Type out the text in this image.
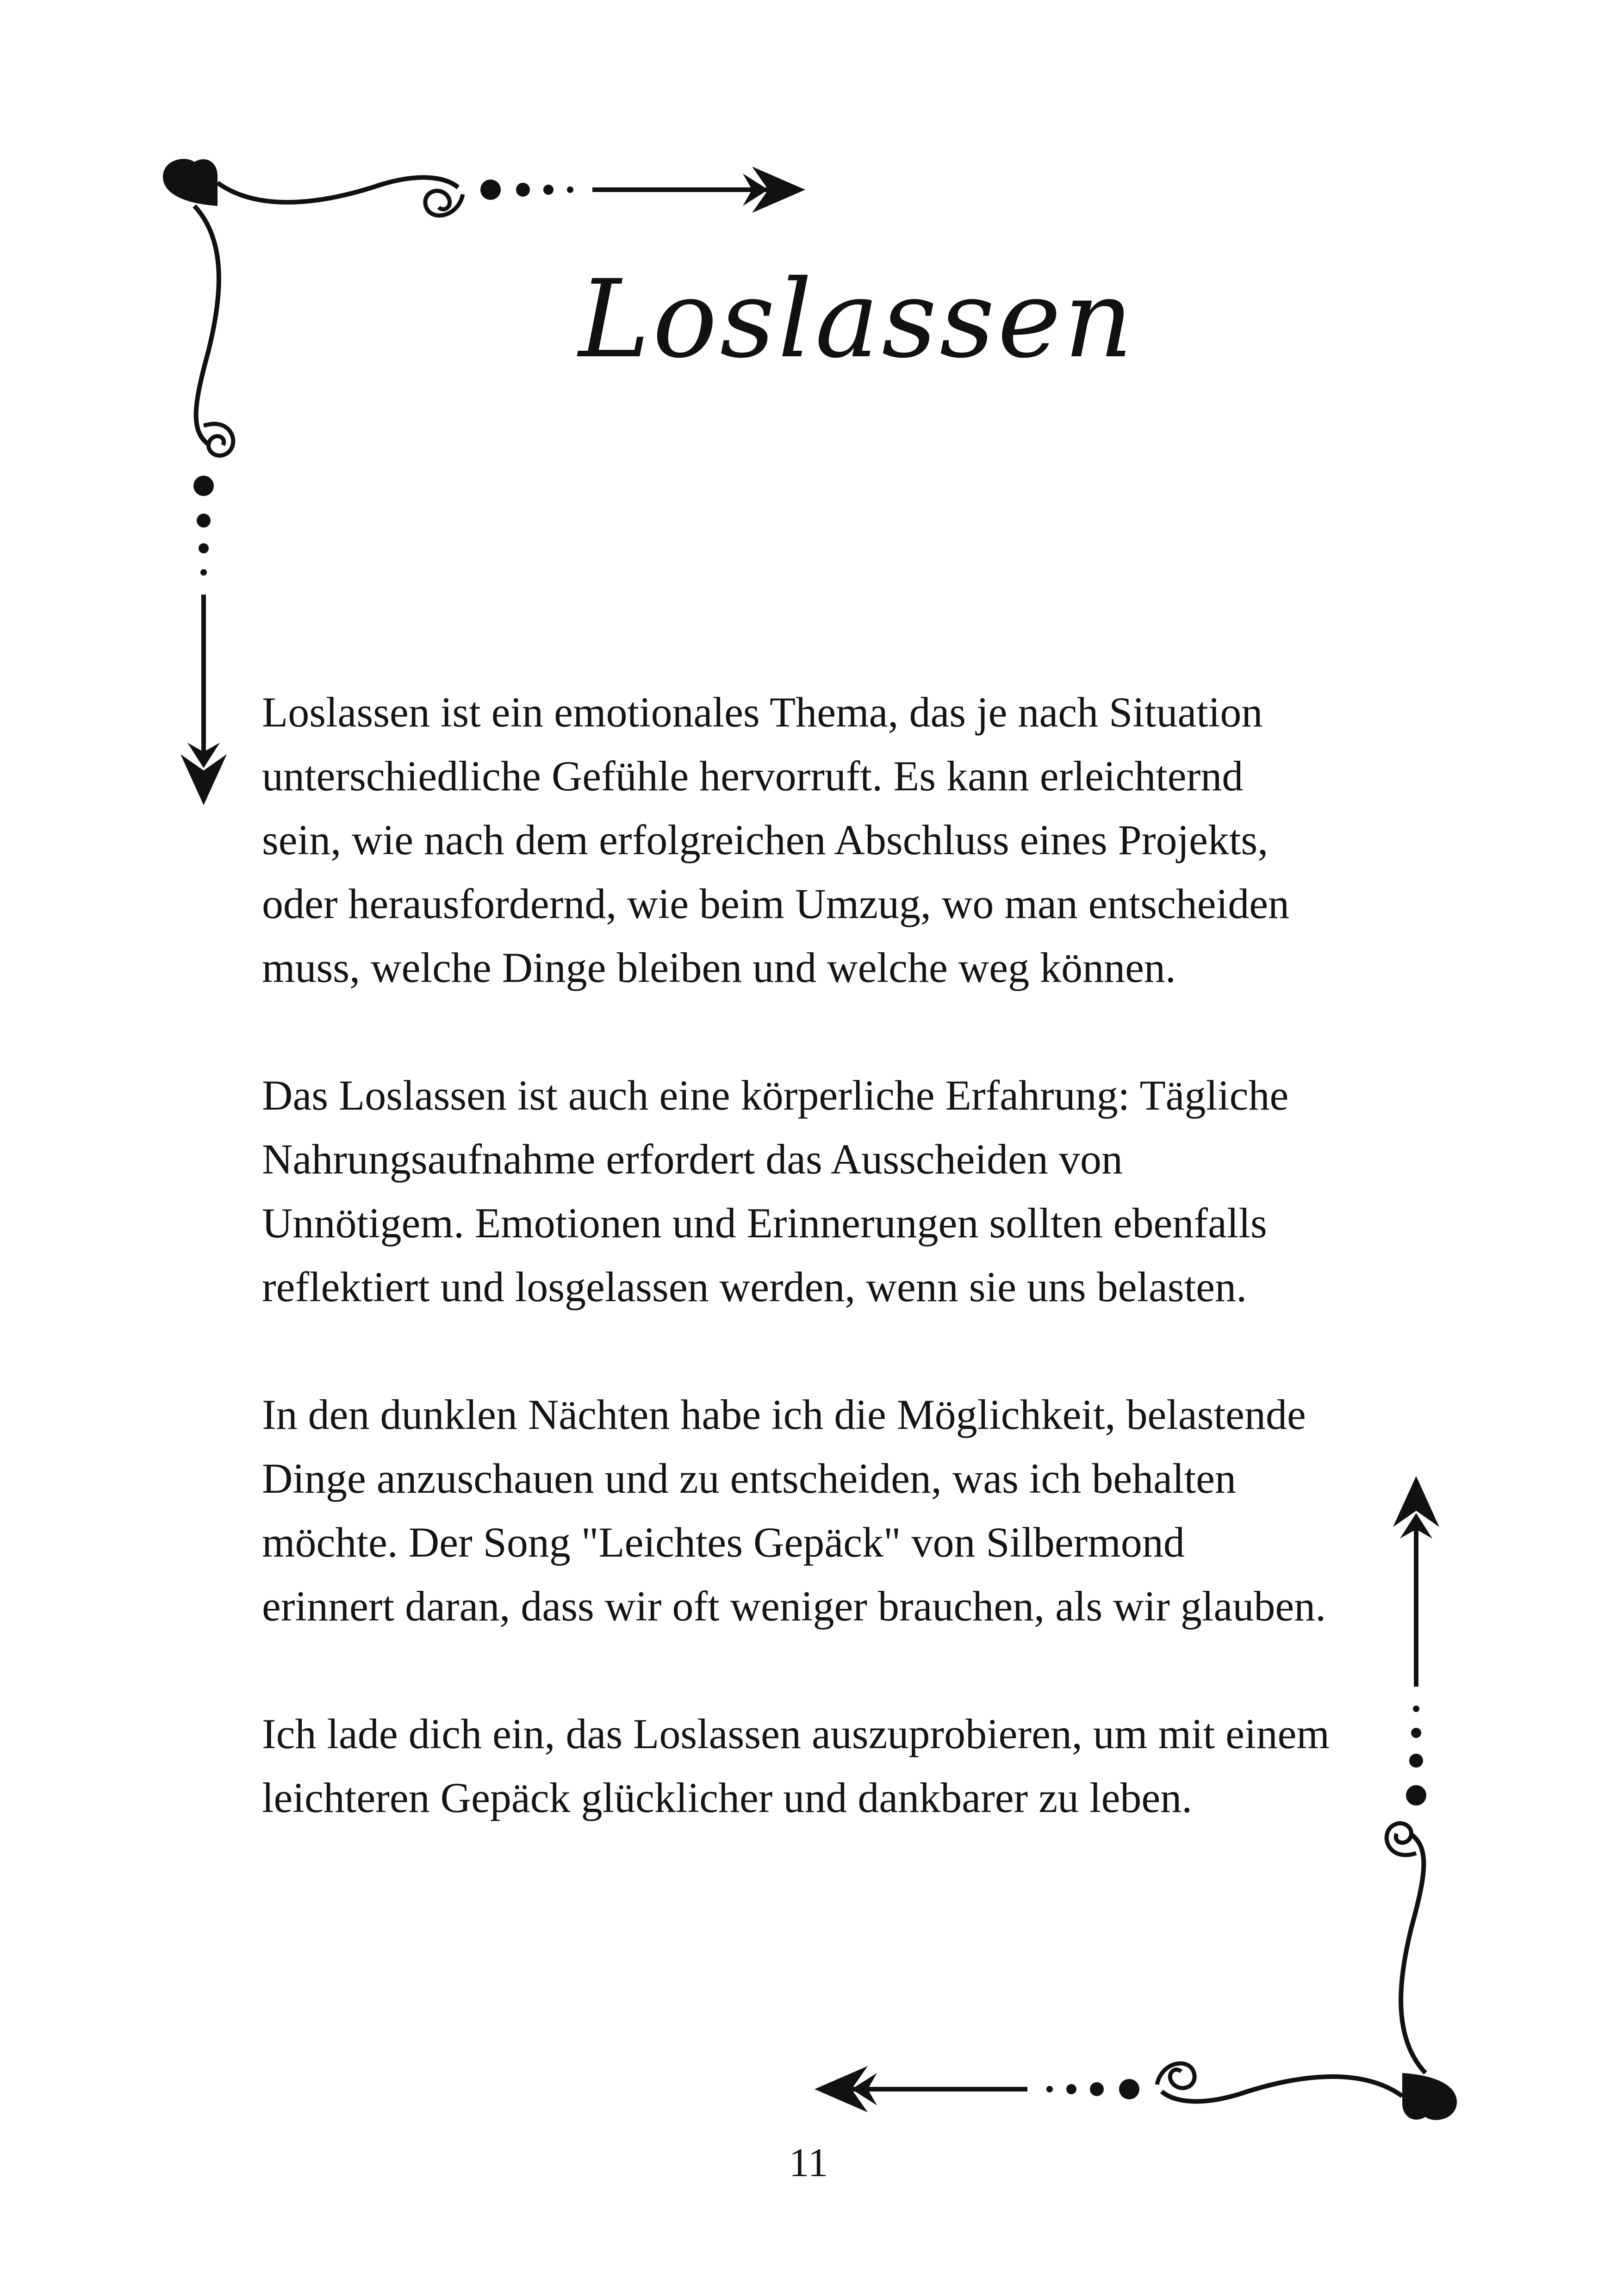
Loslassen

Loslassen ist ein emotionales Thema, das je nach Situation
unterschiedliche Gefühle hervorruft. Es kann erleichternd
sein, wie nach dem erfolgreichen Abschluss eines Projekts,
oder herausfordernd, wie beim Umzug, wo man entscheiden
muss, welche Dinge bleiben und welche weg können.

Das Loslassen ist auch eine körperliche Erfahrung: Tägliche
Nahrungsaufnahme erfordert das Ausscheiden von
Unnötigem. Emotionen und Erinnerungen sollten ebenfalls
reflektiert und losgelassen werden, wenn sie uns belasten.

In den dunklen Nächten habe ich die Möglichkeit, belastende
Dinge anzuschauen und zu entscheiden, was ich behalten
möchte. Der Song "Leichtes Gepäck" von Silbermond
erinnert daran, dass wir oft weniger brauchen, als wir glauben.

Ich lade dich ein, das Loslassen auszuprobieren, um mit einem
leichteren Gepäck glücklicher und dankbarer zu leben.

11
